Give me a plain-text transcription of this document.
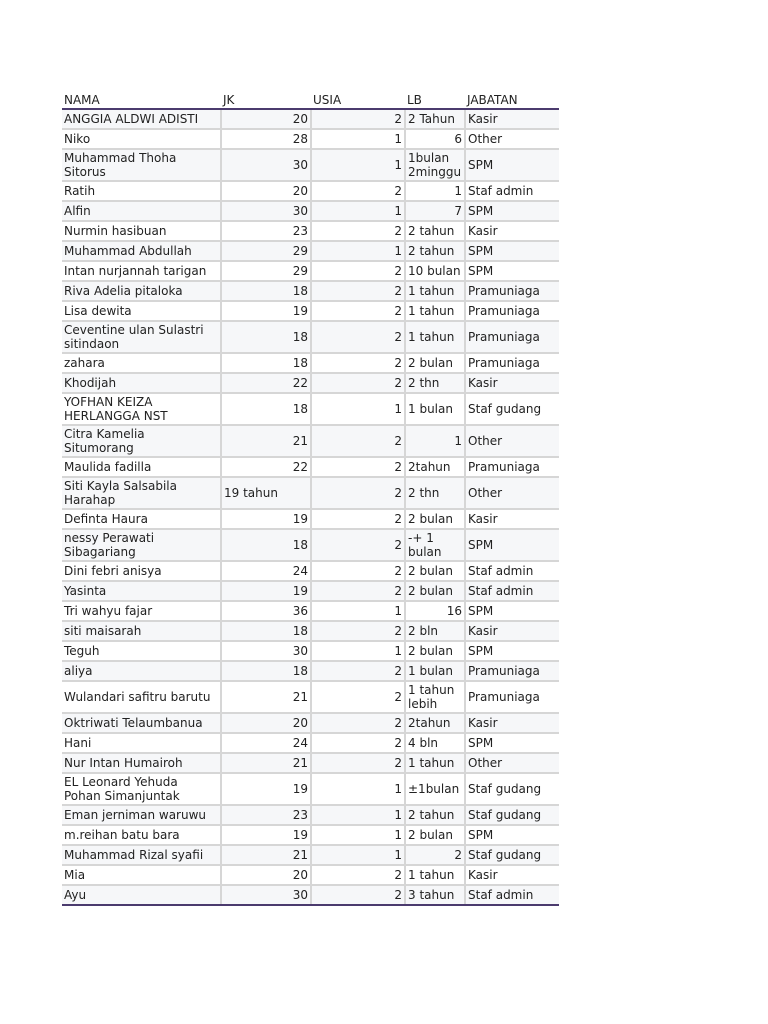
NAMA	JK	USIA	LB	JABATAN
ANGGIA ALDWI ADISTI	20	2	2 Tahun	Kasir
Niko	28	1	6	Other
Muhammad Thoha Sitorus	30	1	1bulan 2minggu	SPM
Ratih	20	2	1	Staf admin
Alfin	30	1	7	SPM
Nurmin hasibuan	23	2	2 tahun	Kasir
Muhammad Abdullah	29	1	2 tahun	SPM
Intan nurjannah tarigan	29	2	10 bulan	SPM
Riva Adelia pitaloka	18	2	1 tahun	Pramuniaga
Lisa dewita	19	2	1 tahun	Pramuniaga
Ceventine ulan Sulastri sitindaon	18	2	1 tahun	Pramuniaga
zahara	18	2	2 bulan	Pramuniaga
Khodijah	22	2	2 thn	Kasir
YOFHAN KEIZA HERLANGGA NST	18	1	1 bulan	Staf gudang
Citra Kamelia Situmorang	21	2	1	Other
Maulida fadilla	22	2	2tahun	Pramuniaga
Siti Kayla Salsabila Harahap	19 tahun	2	2 thn	Other
Definta Haura	19	2	2 bulan	Kasir
nessy Perawati Sibagariang	18	2	-+ 1 bulan	SPM
Dini febri anisya	24	2	2 bulan	Staf admin
Yasinta	19	2	2 bulan	Staf admin
Tri wahyu fajar	36	1	16	SPM
siti maisarah	18	2	2 bln	Kasir
Teguh	30	1	2 bulan	SPM
aliya	18	2	1 bulan	Pramuniaga
Wulandari safitru barutu	21	2	1 tahun lebih	Pramuniaga
Oktriwati Telaumbanua	20	2	2tahun	Kasir
Hani	24	2	4 bln	SPM
Nur Intan Humairoh	21	2	1 tahun	Other
EL Leonard Yehuda Pohan Simanjuntak	19	1	±1bulan	Staf gudang
Eman jerniman waruwu	23	1	2 tahun	Staf gudang
m.reihan batu bara	19	1	2 bulan	SPM
Muhammad Rizal syafii	21	1	2	Staf gudang
Mia	20	2	1 tahun	Kasir
Ayu	30	2	3 tahun	Staf admin
